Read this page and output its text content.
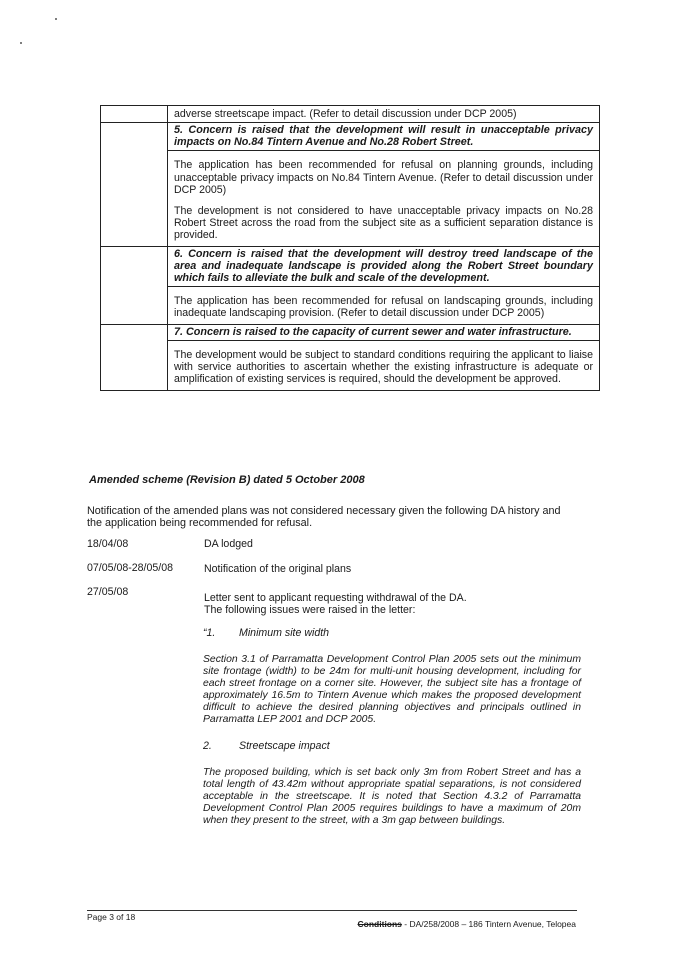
adverse streetscape impact. (Refer to detail discussion under DCP 2005)
5. Concern is raised that the development will result in unacceptable privacy impacts on No.84 Tintern Avenue and No.28 Robert Street.

The application has been recommended for refusal on planning grounds, including unacceptable privacy impacts on No.84 Tintern Avenue. (Refer to detail discussion under DCP 2005)

The development is not considered to have unacceptable privacy impacts on No.28 Robert Street across the road from the subject site as a sufficient separation distance is provided.

6. Concern is raised that the development will destroy treed landscape of the area and inadequate landscape is provided along the Robert Street boundary which fails to alleviate the bulk and scale of the development.

The application has been recommended for refusal on landscaping grounds, including inadequate landscaping provision. (Refer to detail discussion under DCP 2005)

7. Concern is raised to the capacity of current sewer and water infrastructure.

The development would be subject to standard conditions requiring the applicant to liaise with service authorities to ascertain whether the existing infrastructure is adequate or amplification of existing services is required, should the development be approved.

Amended scheme (Revision B) dated 5 October 2008
Notification of the amended plans was not considered necessary given the following DA history and the application being recommended for refusal.
18/04/08	DA lodged
07/05/08-28/05/08	Notification of the original plans
27/05/08	Letter sent to applicant requesting withdrawal of the DA.
The following issues were raised in the letter:
“1. Minimum site width
Section 3.1 of Parramatta Development Control Plan 2005 sets out the minimum site frontage (width) to be 24m for multi-unit housing development, including for each street frontage on a corner site. However, the subject site has a frontage of approximately 16.5m to Tintern Avenue which makes the proposed development difficult to achieve the desired planning objectives and principals outlined in Parramatta LEP 2001 and DCP 2005.
2.	Streetscape impact
The proposed building, which is set back only 3m from Robert Street and has a total length of 43.42m without appropriate spatial separations, is not considered acceptable in the streetscape. It is noted that Section 4.3.2 of Parramatta Development Control Plan 2005 requires buildings to have a maximum of 20m when they present to the street, with a 3m gap between buildings.
Page 3 of 18
Conditions - DA/258/2008 – 186 Tintern Avenue, Telopea
